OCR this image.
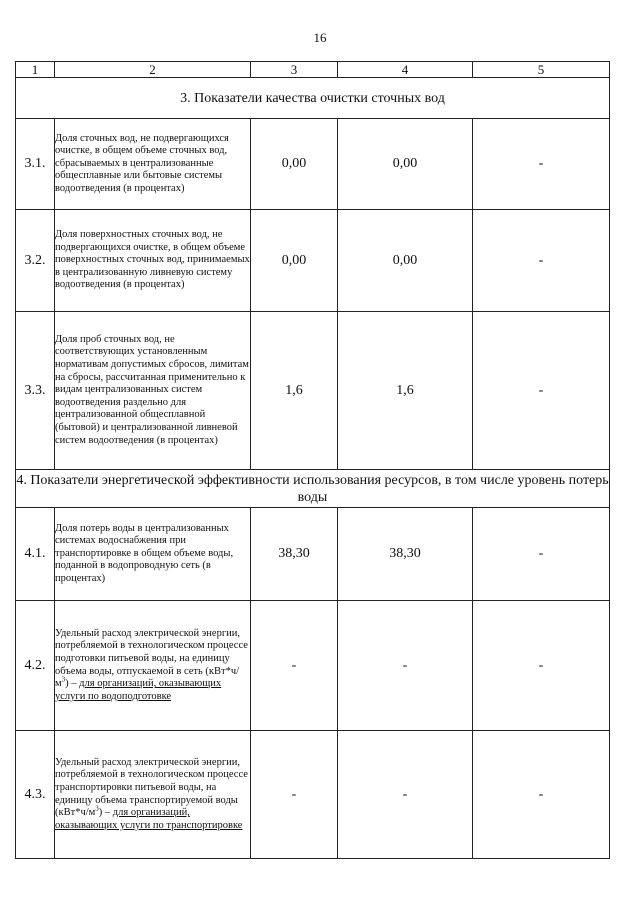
16
1	2	3	4	5
3. Показатели качества очистки сточных вод				
3.1.	Доля сточных вод, не подвергающихся очистке, в общем объеме сточных вод, сбрасываемых в централизованные общесплавные или бытовые системы водоотведения (в процентах)	0,00	0,00	-
3.2.	Доля поверхностных сточных вод, не подвергающихся очистке, в общем объеме поверхностных сточных вод, принимаемых в централизованную ливневую систему водоотведения (в процентах)	0,00	0,00	-
3.3.	Доля проб сточных вод, не соответствующих установленным нормативам допустимых сбросов, лимитам на сбросы, рассчитанная применительно к видам централизованных систем водоотведения раздельно для централизованной общесплавной (бытовой) и централизованной ливневой систем водоотведения (в процентах)	1,6	1,6	-
4. Показатели энергетической эффективности использования ресурсов, в том числе уровень потерь воды				
4.1.	Доля потерь воды в централизованных системах водоснабжения при транспортировке в общем объеме воды, поданной в водопроводную сеть (в процентах)	38,30	38,30	-
4.2.	Удельный расход электрической энергии, потребляемой в технологическом процессе подготовки питьевой воды, на единицу объема воды, отпускаемой в сеть $(кВт*ч/м^3)$ – для организаций, оказывающих услуги по водоподготовке	-	-	-
4.3.	Удельный расход электрической энергии, потребляемой в технологическом процессе транспортировки питьевой воды, на единицу объема транспортируемой воды $(кВт*ч/м^3)$ – для организаций, оказывающих услуги по транспортировке	-	-	-
